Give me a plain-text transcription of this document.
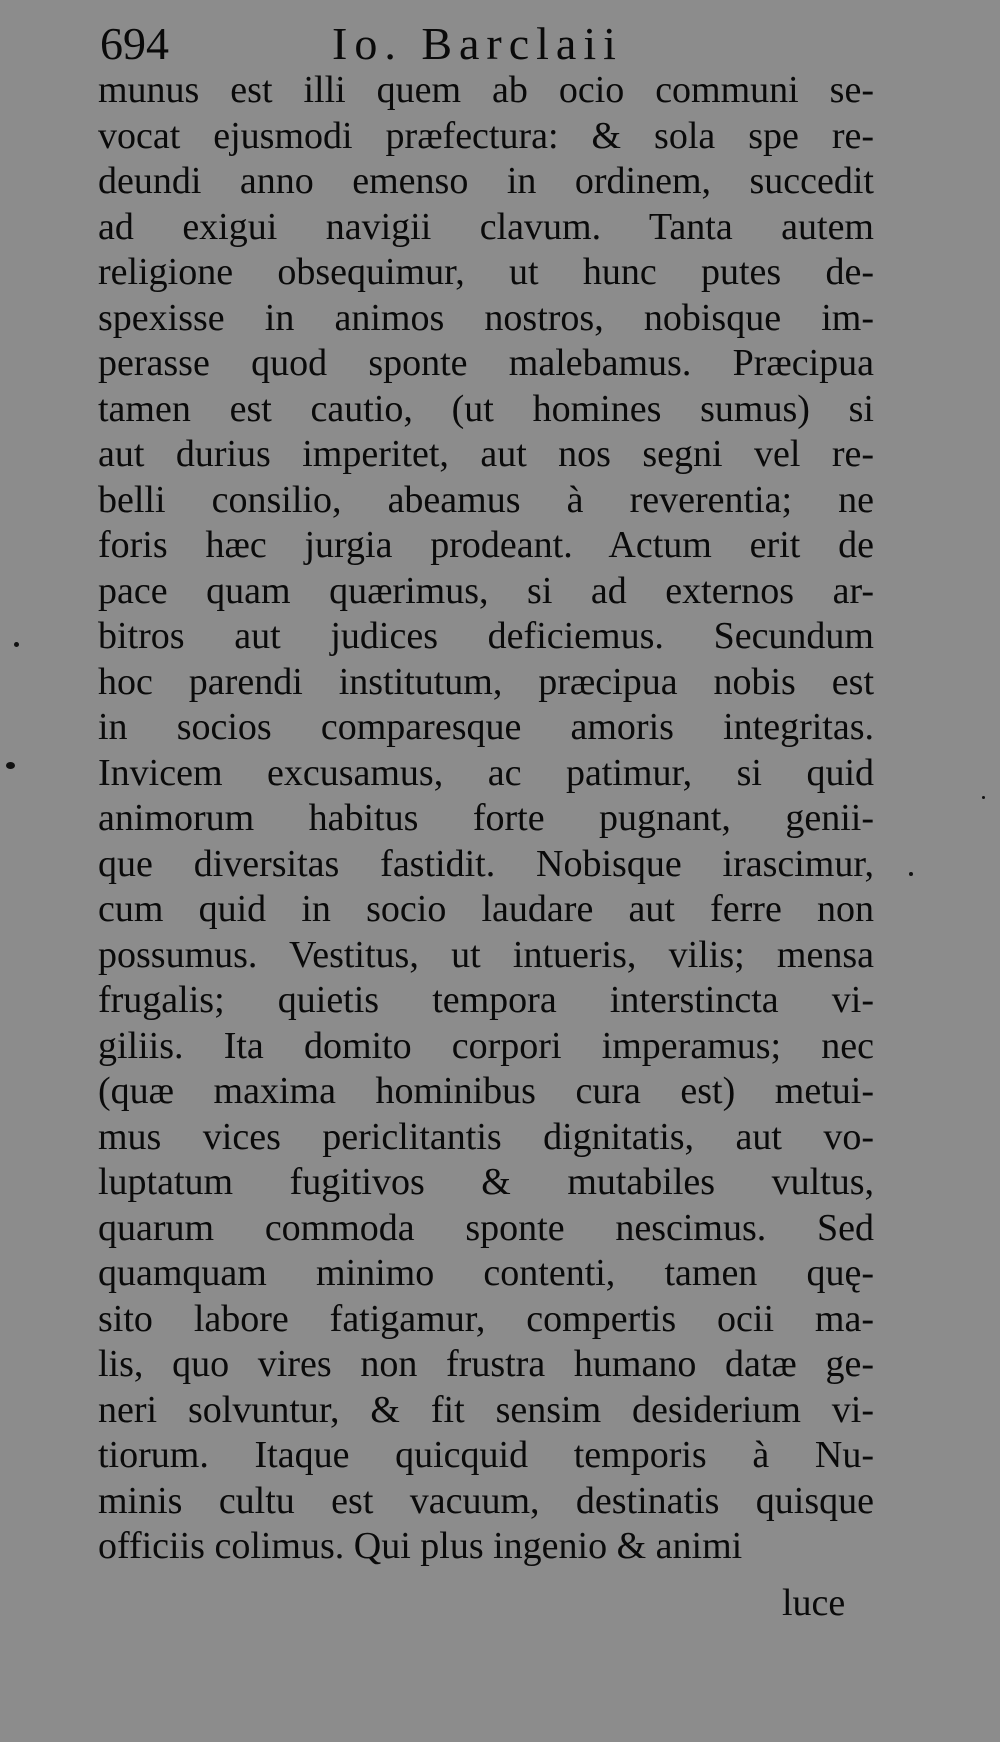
694	Io. Barclaii
munus est illi quem ab ocio communi se-
vocat ejusmodi præfectura: & sola spe re-
deundi anno emenso in ordinem, succedit
ad exigui navigii clavum. Tanta autem
religione obsequimur, ut hunc putes de-
spexisse in animos nostros, nobisque im-
perasse quod sponte malebamus. Præcipua
tamen est cautio, (ut homines sumus) si
aut durius imperitet, aut nos segni vel re-
belli consilio, abeamus à reverentia; ne
foris hæc jurgia prodeant. Actum erit de
pace quam quærimus, si ad externos ar-
bitros aut judices deficiemus. Secundum
hoc parendi institutum, præcipua nobis est
in socios comparesque amoris integritas.
Invicem excusamus, ac patimur, si quid
animorum habitus forte pugnant, genii-
que diversitas fastidit. Nobisque irascimur,
cum quid in socio laudare aut ferre non
possumus. Vestitus, ut intueris, vilis; mensa
frugalis; quietis tempora interstincta vi-
giliis. Ita domito corpori imperamus; nec
(quæ maxima hominibus cura est) metui-
mus vices periclitantis dignitatis, aut vo-
luptatum fugitivos & mutabiles vultus,
quarum commoda sponte nescimus. Sed
quamquam minimo contenti, tamen quę-
sito labore fatigamur, compertis ocii ma-
lis, quo vires non frustra humano datæ ge-
neri solvuntur, & fit sensim desiderium vi-
tiorum. Itaque quicquid temporis à Nu-
minis cultu est vacuum, destinatis quisque
officiis colimus. Qui plus ingenio & animi
luce
